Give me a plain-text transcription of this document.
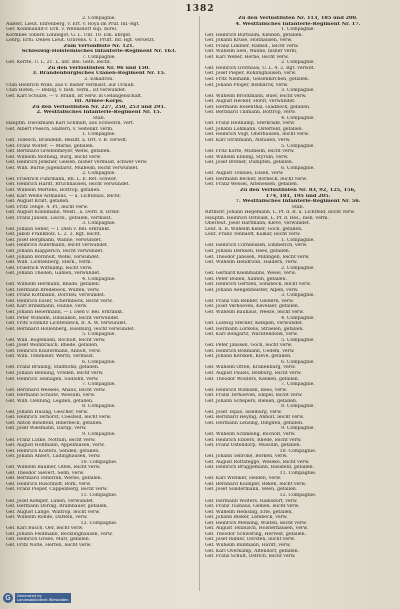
1382
2. Compagnie.
Außerl. Lieut. Ehrenberg, v. Ert. v. Roya im Prüf. Inf.-Rgt.
Ger. Kommandit-r. Erh. v. Wennsdorf sup. dorel.
Kormbee Tobern Lohnegot, G. L. Unt. 10. Em. übrgef.
Lehrg. Erfü. Debes Lieut. Gravens. v. 1. Prüft. Inf. Rgt. versetzt.
Zum Vertonfliste Nr. 121.
Schleswig-Holsteinisches Infanterie-Regiment Nr. 163.
7. Compagnie.
Gef. Kerfte, U. L. 21. L. unt. Bel. Getn. leicht.
Zu den Verlustlisten Nr. 96 und 150.
3. Brandenburgisches Ulanen-Regiment Nr. 15.
2. Eskadron.
Ulan Heinrich Wille, aus v. bisher vermisst, auf Urlaub.
Ulan Hofen, — Belzig, v. bish. verm., ist verwundet.
Gef. Karl Schulze, — v. Brand, ist verw. in Gefangenschaft.
III. Armee-Korps.
Zu den Verlustlisten Nr. 227, 250, 253 und 291.
2. Westfälisches Infanterie-Regiment Nr. 15.
Stab.
Hauptm. Dieckmann Karl Schmidt, aus Schwerin, vert.
Gef. Albert Poesch, Haltern, v. Seitenkr. verm.
1. Compagnie.
Gef. Tollesch, Brandenb. Beiziff. a. Ort. v. B. verwdt.
Gef. Franz Wolter, — Marne, gefallen.
Gef. Bernhard Greifenmeyer, Wefel, gefallen.
Gef. Wilhelm Möthing, Burg, leicht verw.
Gef. Heinrich Jenkner, Gelsen, bisher vermisst, schwer verw.
Gef. Wilh. Bürne Jugendarst, Mülheim, leicht verwundet.
2. Compagnie.
Gef. Friedrich Fuhrmann, Rh. L. b. Ret. schwer.
Gef. Heinrich Hardt, Bruchhausen, leicht verwundet.
Gef. Wilhelm Mertens, Bottrop, gefallen.
Gef. Karl Weihe Altmanns, — a. Lichtenau, leicht.
Gef. August Kraft, gefallen.
Gef. Fritz Tenge, 4. Pf., leicht verw.
Gef. August Konnmann, Wesfl., a. Dorfl. d. Orsbr.
Gef. Franz Jansen, Leichl., gefallen, vermisst.
3. Compagnie.
Gef. Johann Seher, — l. Dien v. Bel. erkrankt.
Gef. Jakob Frankholz, L. 2. 3. Rgt. leicht.
Gef. Josef Bergmann, Wanne, verwundet.
Gef. Heinrich Aufermann, leicht verwundet.
Gef. Johann Klapperich, leicht verwundet.
Gef. Johann Bornholt, Wefel, verwundet.
Gef. Wilh. Lichtenberg, Sterk., verm.
Gef. Friedrich Wittkamp, leicht verw.
Gef. Johann Theilen, Gahlen, verwundet.
4. Compagnie.
Gef. Wilhelm Hermann, Rhade, gefallen.
Gef. Hermann Bredebeck, Wulfen, verw.
Gef. Franz Kottmann, Dorsten, verwundet.
Gef. Heinrich Esser, Schermbeck, leicht verw.
Gef. Karl Brinkmann, Hünxe, verw.
Gef. Johann Heiermann, — l. Dien v. Bel. erkrankt.
Gef. Peter Wilhelm, Dinslaken, leicht verwundet.
Gef. Fritz Schmitz Lichtenbeck, R. A. W. verwundet.
Gef. Bernhard Hollenberg, Isselburg, leicht verwundet.
5. Compagnie.
Gef. Wilh. Bögemann, Bocholt, leicht verw.
Gef. Josef Weinbrauch, Rhede, gefallen.
Gef. Heinrich Knüfermann, Anholt, verw.
Gef. Wilh. Temmeler, Werth, vermisst.
6. Compagnie.
Gef. Franz Brüning, Stadtlohn, gefallen.
Gef. Johann Benning, Vreden, leicht verw.
Gef. Heinrich Tenhagen, Südlohn, verw.
7. Compagnie.
Gef. Bernhard Wessels, Ahaus, leicht verw.
Gef. Hermann Schulte, Wessum, verw.
Gef. Wilh. Oenning, Legden, gefallen.
8. Compagnie.
Gef. Johann Hüsing, Gescher, verw.
Gef. Heinrich Terhorst, Coesfeld, leicht verw.
Gef. Anton Bendfeld, Billerbeck, gefallen.
Gef. Josef Wiesmann, Darup, verw.
9. Compagnie.
Gef. Franz Lütke, Nottuln, leicht verw.
Gef. August Holtmann, Appelhülsen, verw.
Gef. Heinrich Kösters, Senden, gefallen.
Gef. Johann Ahlers, Lüdinghausen, verw.
10. Compagnie.
Gef. Wilhelm Bäumer, Olfen, leicht verw.
Gef. Theodor Sievert, Selm, verw.
Gef. Bernhard Tenbrink, Werne, gefallen.
Gef. Heinrich Rüschhoff, Bork, verw.
Gef. Franz Pieper, Cappenberg, leicht verw.
11. Compagnie.
Gef. Josef Kemper, Lünen, verwundet.
Gef. Hermann Döring, Brambauer, gefallen.
Gef. August Lange, Waltrop, leicht verw.
Gef. Wilhelm Rohde, Datteln, verw.
12. Compagnie.
Gef. Karl Busch, Oer, leicht verw.
Gef. Johann Feldmann, Recklinghausen, verw.
Gef. Heinrich Große, Marl, gefallen.
Gef. Fritz Nolte, Herten, leicht verw.
Zu den Verlustlisten Nr. 113, 185 und 200.
4. Westfälisches Infanterie-Regiment Nr. 17.
1. Compagnie.
Gef. Heinrich Burbaum, Kleinen, gefallen.
Gef. Johann Kruse, Holthausen, verw.
Gef. Franz Lindner, Ramsd., leicht verw.
Gef. Wilhelm Seel, Wanne, bisher verm.
Gef. Karl Weber, Herne, leicht verw.
2. Compagnie.
Gef. Heinrich Grothaus, U. L. 4. 2. Rgt. verwdt.
Gef. Josef Pieper, Röhlinghausen, verw.
Gef. Fritz Niemann, Gelsenkirchen, gefallen.
Gef. Johann Plöger, Bismarck, verw.
3. Compagnie.
Gef. Wilhelm Brockmann, Buer, leicht verw.
Gef. August Hecker, Horst, verwundet.
Gef. Hermann Rosenthal, Gladbeck, gefallen.
Gef. Bernhard Tillmann, Bottrop, verw.
4. Compagnie.
Gef. Franz Heitkamp, Sterkrade, verw.
Gef. Johann Lohmann, Osterfeld, gefallen.
Gef. Heinrich Vogt, Oberhausen, leicht verw.
Gef. Karl Stratmann, Alstaden, verw.
5. Compagnie.
Gef. Fritz Korte, Mülheim, leicht verw.
Gef. Wilhelm Ebbing, Styrum, verw.
Gef. Josef Bremer, Dümpten, gefallen.
6. Compagnie.
Gef. August Tönnies, Essen, verw.
Gef. Hermann Becker, Borbeck, leicht verw.
Gef. Franz Wessel, Altenessen, gefallen.
Zu den Verlustlisten Nr. 83, 92, 125, 156,
174, 181, 195 und 205.
7. Westfälisches Infanterie-Regiment Nr. 56.
Stab.
Rittmstr. Johann Hegemann, L. Pf. d. R. u. Lichtfeld, leicht verw.
Hauptm. Heinrich Ostwald, L. Pf. d. Res., bish. verm.
Oberleut. Josef Hartmann, Kleve, verwundet.
Leut. d. R. Wilhelm Keller, Goch, gefallen.
Leut. Franz Tenhaeff, Kalkar, leicht verw.
1. Compagnie.
Gef. Heinrich Cornelissen, Emmerich, verw.
Gef. Johann Derksen, Rees, gefallen.
Gef. Theodor Janssen, Millingen, leicht verw.
Gef. Wilhelm Hendricks, Haldern, verw.
2. Compagnie.
Gef. Gerhard Kleinmanns, Wesel, verw.
Gef. Peter Bollen, Xanten, gefallen.
Gef. Heinrich Gertzen, Sonsbeck, leicht verw.
Gef. Johann Aengenheister, Alpen, verw.
3. Compagnie.
Gef. Franz van Bebber, Geldern, verw.
Gef. Josef Verhoeven, Kevelaer, gefallen.
Gef. Wilhelm Bauhaus, Weeze, leicht verw.
4. Compagnie.
Gef. Ludwig Stecker, Kempen, verwundet.
Gef. Hermann Lörkens, Straelen, gefallen.
Gef. Karl Bongartz, Wachtendonk, verw.
5. Compagnie.
Gef. Peter Janssen, Goch, leicht verw.
Gef. Heinrich Boßmann, Uedem, verw.
Gef. Johann Kersken, Kleve, gefallen.
6. Compagnie.
Gef. Wilhelm Otten, Kranenburg, verw.
Gef. August Pauels, Bedburg, leicht verw.
Gef. Theodor Wouters, Keeken, gefallen.
7. Compagnie.
Gef. Heinrich Wilmsen, Rees, verw.
Gef. Franz Terhoeven, Empel, leicht verw.
Gef. Johann Schepers, Bienen, gefallen.
8. Compagnie.
Gef. Josef Tepas, Isselburg, verw.
Gef. Bernhard Heying, Anholt, leicht verw.
Gef. Hermann Lensing, Dingden, gefallen.
9. Compagnie.
Gef. Wilhelm Schmeing, Bocholt, verw.
Gef. Heinrich Ebbers, Rhede, leicht verw.
Gef. Franz Ostendorp, Mussum, gefallen.
10. Compagnie.
Gef. Johann Tebroke, Borken, verw.
Gef. August Rottstegge, Weseke, leicht verw.
Gef. Heinrich Brüggemann, Raesfeld, gefallen.
11. Compagnie.
Gef. Karl Wienker, Heiden, verw.
Gef. Bernhard Klümper, Reken, leicht verw.
Gef. Josef Sondermann, Velen, gefallen.
12. Compagnie.
Gef. Hermann Wolters, Ramsdorf, verw.
Gef. Franz Tüshaus, Gemen, leicht verw.
Gef. Wilhelm Hemsing, Erle, gefallen.
Gef. Johann Bleker, Lembeck, verw.
Gef. Heinrich Mensing, Wulfen, leicht verw.
Gef. August Tenbusch, Holsterhausen, verw.
Gef. Theodor Schwering, Hervest, gefallen.
Gef. Josef Ridder, Dorsten, leicht verw.
Gef. Wilhelm Bußmann, Hardt, verw.
Gef. Karl Overkamp, Altendorf, gefallen.
Gef. Franz Schult, Östrich, leicht verw.
G	Generated by
Landesbibliothek Wiesbaden
